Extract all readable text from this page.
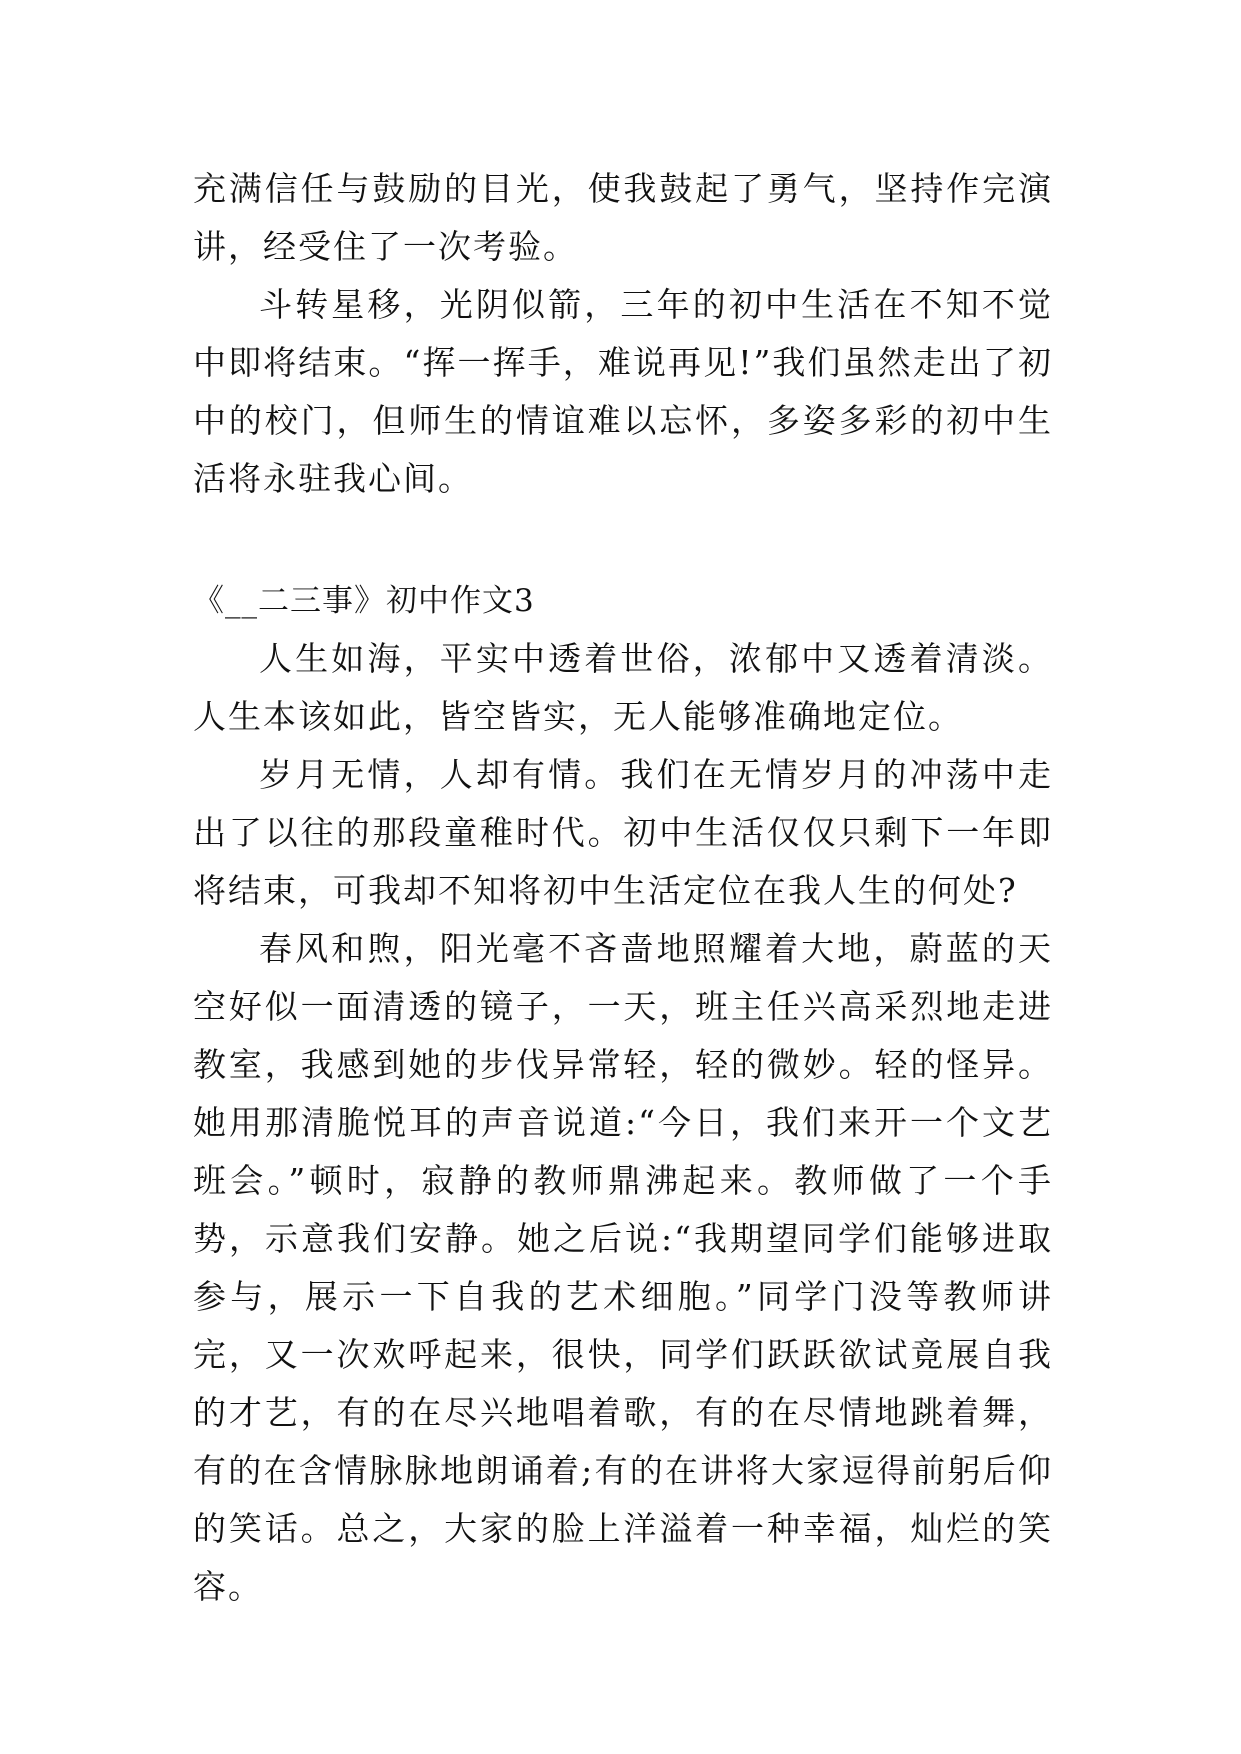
充满信任与鼓励的目光，使我鼓起了勇气，坚持作完演讲，经受住了一次考验。

斗转星移，光阴似箭，三年的初中生活在不知不觉中即将结束。“挥一挥手，难说再见!”我们虽然走出了初中的校门，但师生的情谊难以忘怀，多姿多彩的初中生活将永驻我心间。

《__二三事》初中作文3

人生如海，平实中透着世俗，浓郁中又透着清淡。人生本该如此，皆空皆实，无人能够准确地定位。

岁月无情，人却有情。我们在无情岁月的冲荡中走出了以往的那段童稚时代。初中生活仅仅只剩下一年即将结束，可我却不知将初中生活定位在我人生的何处?

春风和煦，阳光毫不吝啬地照耀着大地，蔚蓝的天空好似一面清透的镜子，一天，班主任兴高采烈地走进教室，我感到她的步伐异常轻，轻的微妙。轻的怪异。她用那清脆悦耳的声音说道:“今日，我们来开一个文艺班会。”顿时，寂静的教师鼎沸起来。教师做了一个手势，示意我们安静。她之后说:“我期望同学们能够进取参与，展示一下自我的艺术细胞。”同学门没等教师讲完，又一次欢呼起来，很快，同学们跃跃欲试竟展自我的才艺，有的在尽兴地唱着歌，有的在尽情地跳着舞，有的在含情脉脉地朗诵着;有的在讲将大家逗得前躬后仰的笑话。总之，大家的脸上洋溢着一种幸福，灿烂的笑容。
